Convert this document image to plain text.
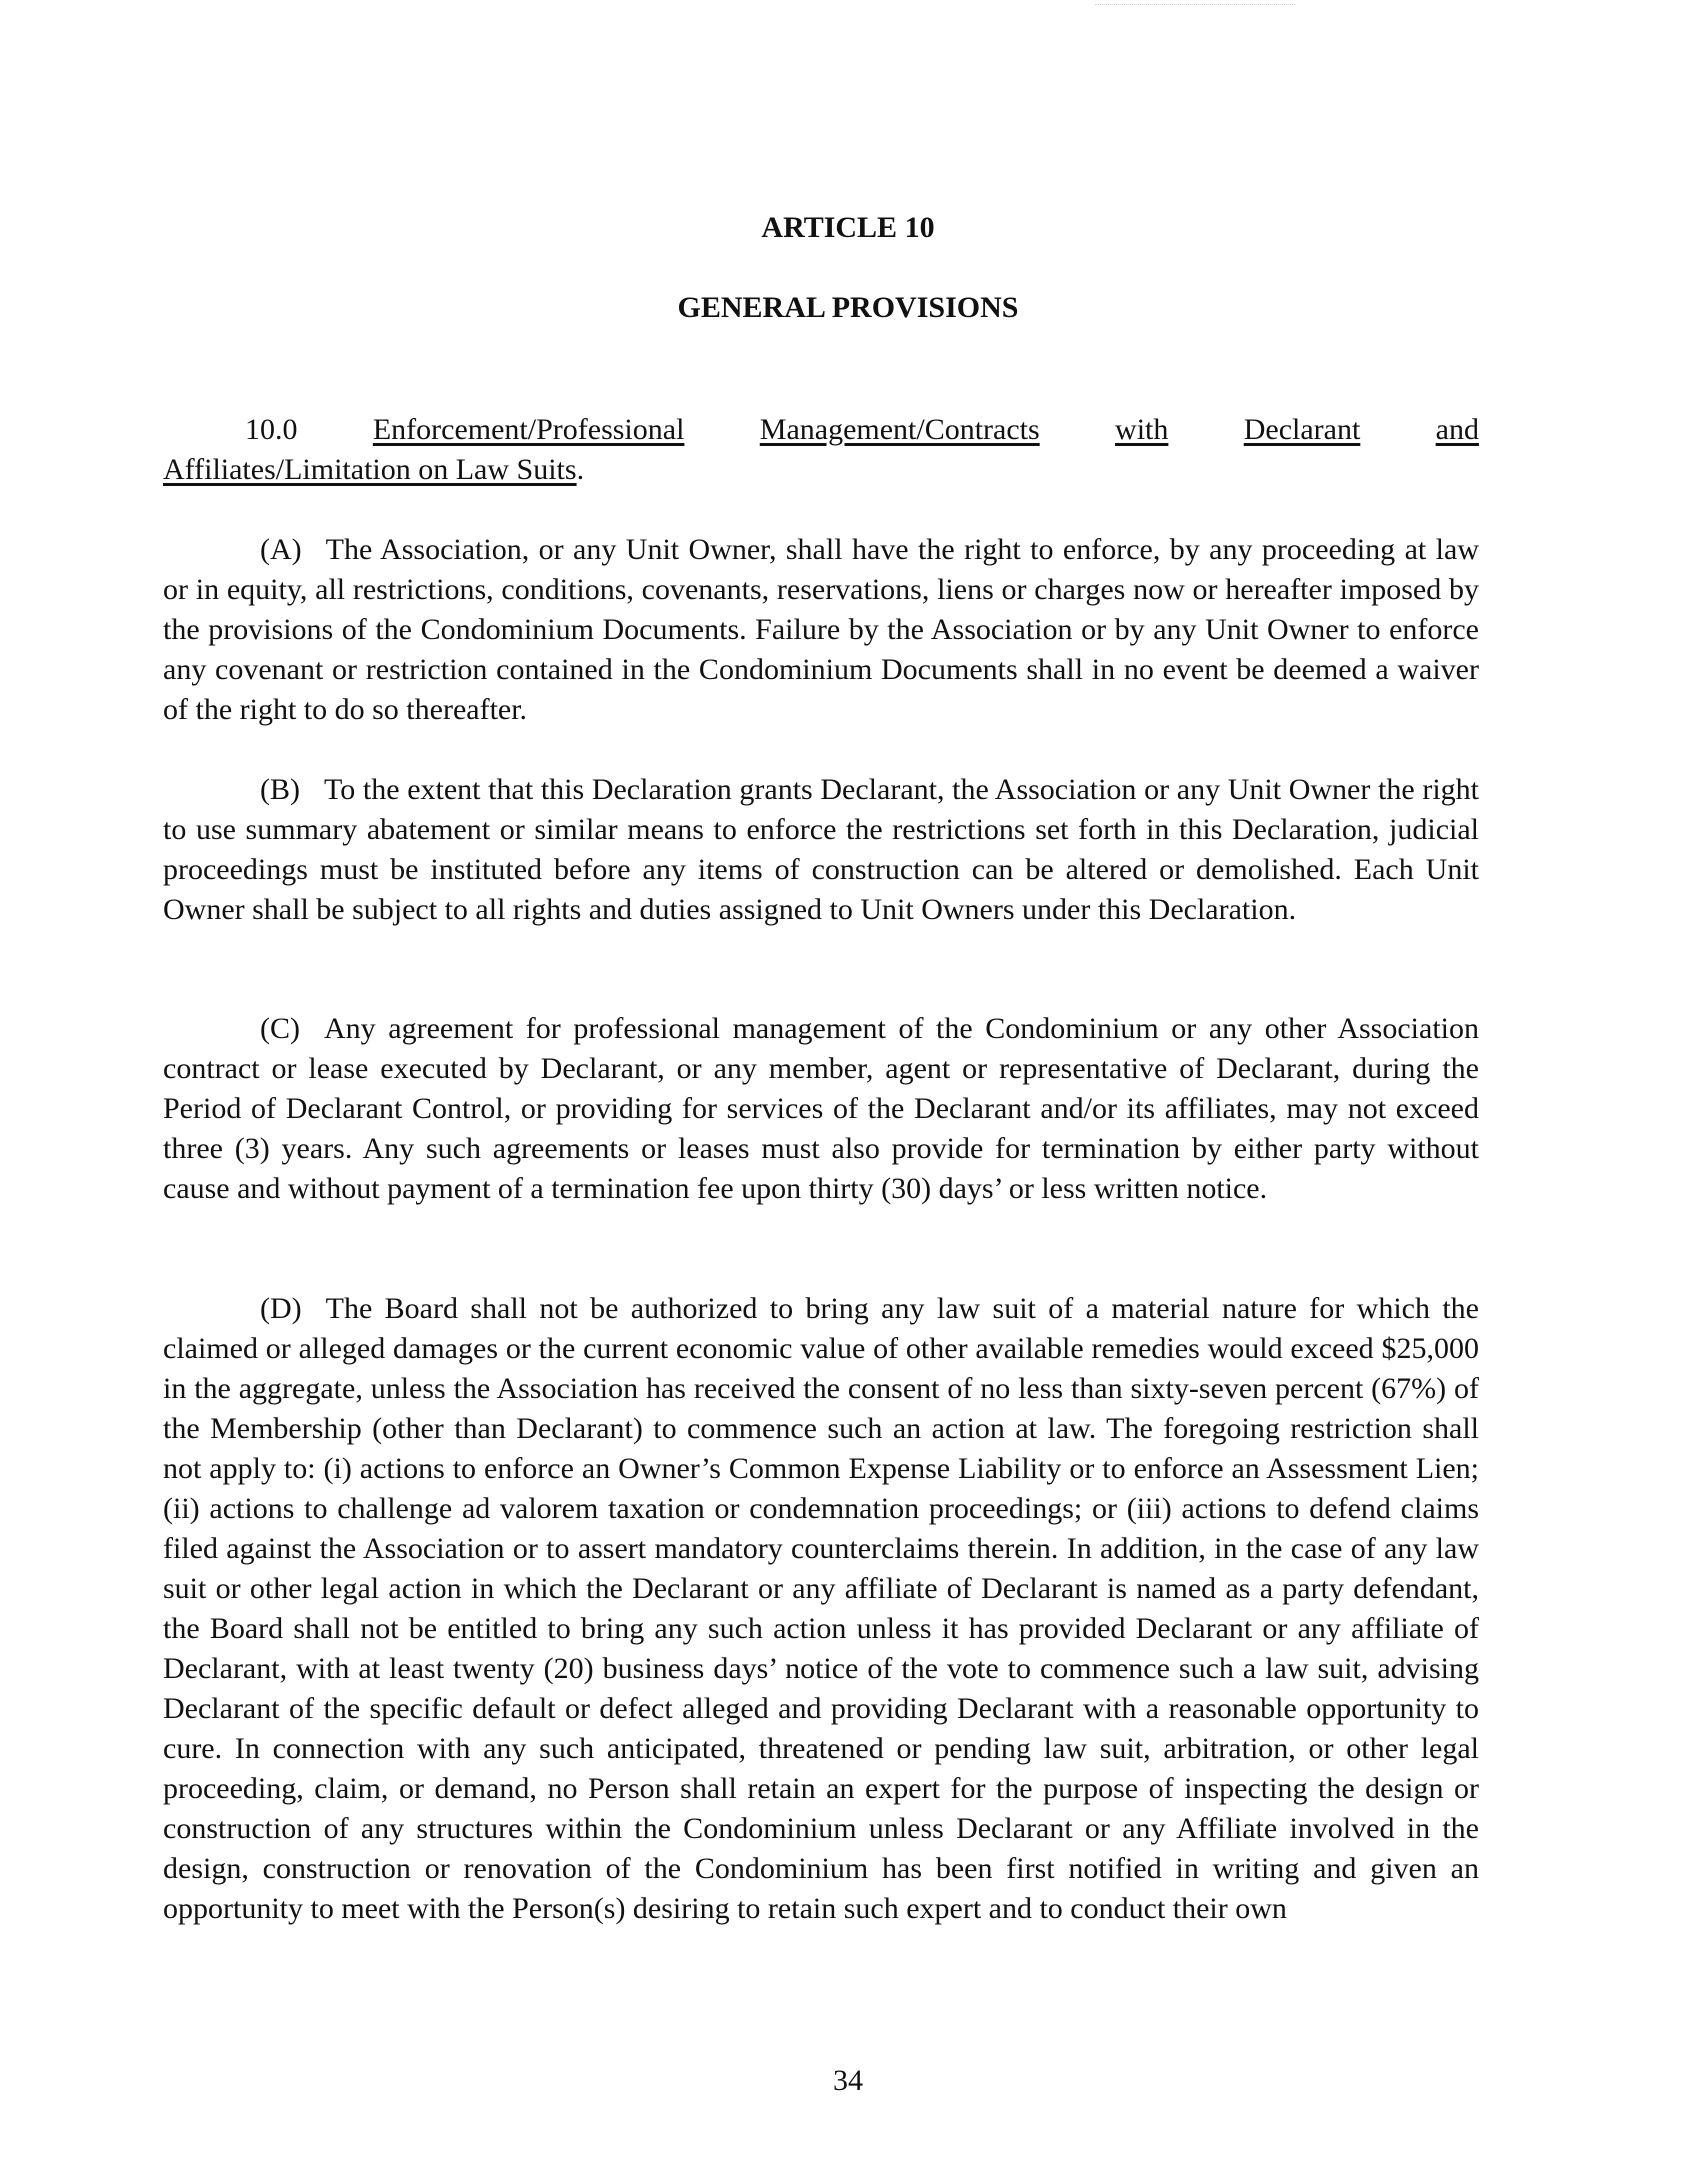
ARTICLE 10
GENERAL PROVISIONS
10.0	Enforcement/Professional	Management/Contracts	with	Declarant	and
Affiliates/Limitation on Law Suits.
(A) The Association, or any Unit Owner, shall have the right to enforce, by any proceeding at law or in equity, all restrictions, conditions, covenants, reservations, liens or charges now or hereafter imposed by the provisions of the Condominium Documents. Failure by the Association or by any Unit Owner to enforce any covenant or restriction contained in the Condominium Documents shall in no event be deemed a waiver of the right to do so thereafter.
(B) To the extent that this Declaration grants Declarant, the Association or any Unit Owner the right to use summary abatement or similar means to enforce the restrictions set forth in this Declaration, judicial proceedings must be instituted before any items of construction can be altered or demolished. Each Unit Owner shall be subject to all rights and duties assigned to Unit Owners under this Declaration.
(C) Any agreement for professional management of the Condominium or any other Association contract or lease executed by Declarant, or any member, agent or representative of Declarant, during the Period of Declarant Control, or providing for services of the Declarant and/or its affiliates, may not exceed three (3) years. Any such agreements or leases must also provide for termination by either party without cause and without payment of a termination fee upon thirty (30) days’ or less written notice.
(D) The Board shall not be authorized to bring any law suit of a material nature for which the claimed or alleged damages or the current economic value of other available remedies would exceed $25,000 in the aggregate, unless the Association has received the consent of no less than sixty-seven percent (67%) of the Membership (other than Declarant) to commence such an action at law. The foregoing restriction shall not apply to: (i) actions to enforce an Owner’s Common Expense Liability or to enforce an Assessment Lien; (ii) actions to challenge ad valorem taxation or condemnation proceedings; or (iii) actions to defend claims filed against the Association or to assert mandatory counterclaims therein. In addition, in the case of any law suit or other legal action in which the Declarant or any affiliate of Declarant is named as a party defendant, the Board shall not be entitled to bring any such action unless it has provided Declarant or any affiliate of Declarant, with at least twenty (20) business days’ notice of the vote to commence such a law suit, advising Declarant of the specific default or defect alleged and providing Declarant with a reasonable opportunity to cure. In connection with any such anticipated, threatened or pending law suit, arbitration, or other legal proceeding, claim, or demand, no Person shall retain an expert for the purpose of inspecting the design or construction of any structures within the Condominium unless Declarant or any Affiliate involved in the design, construction or renovation of the Condominium has been first notified in writing and given an opportunity to meet with the Person(s) desiring to retain such expert and to conduct their own
34
